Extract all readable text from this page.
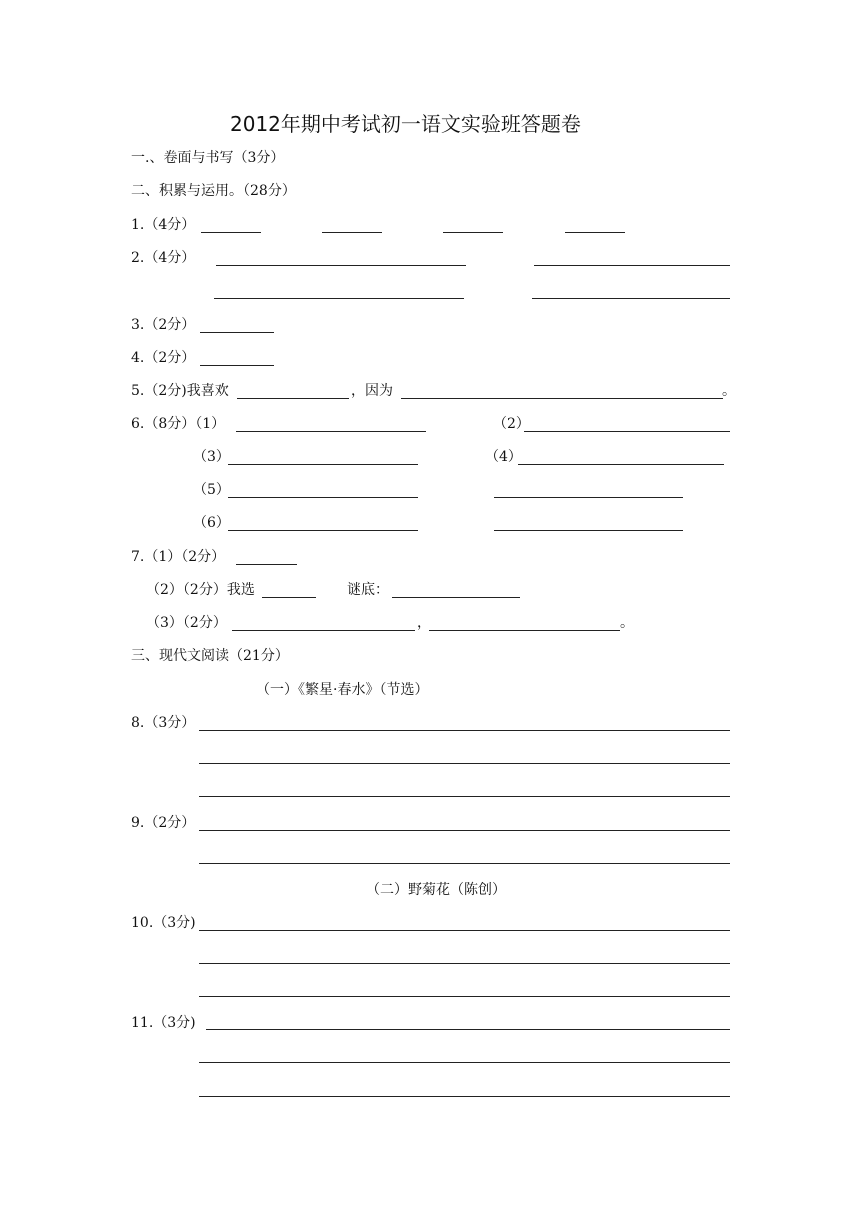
2012年期中考试初一语文实验班答题卷
一.、卷面与书写（3分）
二、积累与运用。（28分）
1.（4分）
2.（4分）
3.（2分）
4.（2分）
5.（2分)我喜欢	，因为	。
6.（8分）（1）	（2）
（3）	（4）
（5）
（6）
7.（1）（2分）
（2）（2分）我选	谜底：
（3）（2分）	，	。
三、现代文阅读（21分）
（一）《繁星·春水》（节选）
8.（3分）
9.（2分）
（二）野菊花（陈创）
10.（3分)
11.（3分)
